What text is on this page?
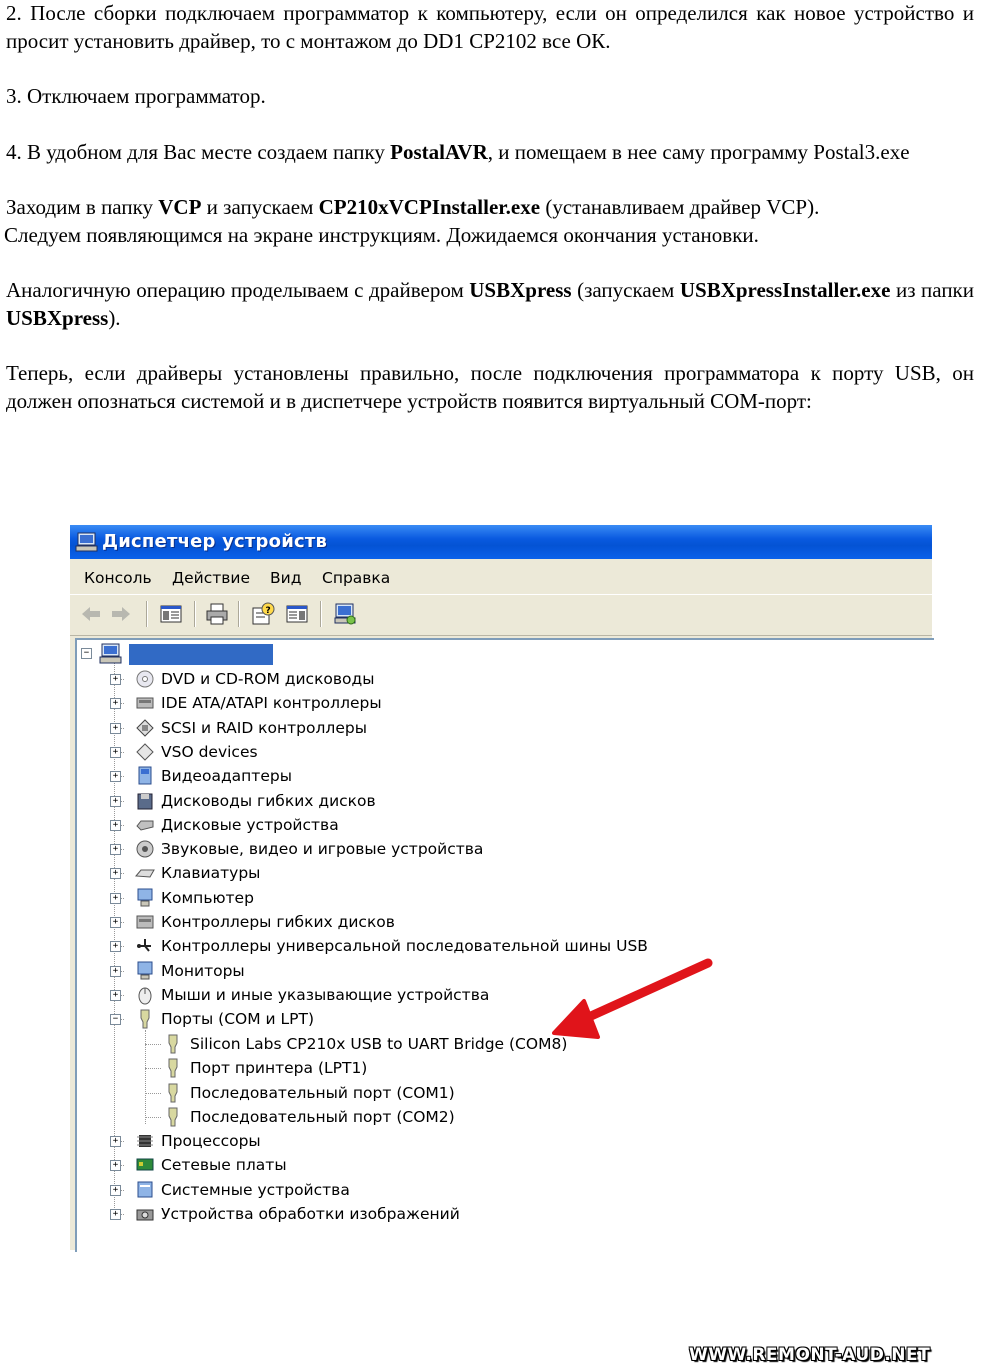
2. После сборки подключаем программатор к компьютеру, если он определился как новое устройство и просит установить драйвер, то с монтажом до DD1 CP2102 все ОК.

3. Отключаем программатор.

4. В удобном для Вас месте создаем папку PostalAVR, и помещаем в нее саму программу Postal3.exe

Заходим в папку VCP и запускаем CP210xVCPInstaller.exe (устанавливаем драйвер VCP).

Следуем появляющимся на экране инструкциям. Дожидаемся окончания установки.

Аналогичную операцию проделываем с драйвером USBXpress (запускаем USBXpressInstaller.exe из папки USBXpress).

Теперь, если драйверы установлены правильно, после подключения программатора к порту USB, он должен опознаться системой и в диспетчере устройств появится виртуальный COM-порт:

Диспетчер устройств
Консоль Действие Вид Справка
?
−
+	DVD и CD-ROM дисководы
+	IDE ATA/ATAPI контроллеры
+	SCSI и RAID контроллеры
+	VSO devices
+	Видеоадаптеры
+	Дисководы гибких дисков
+	Дисковые устройства
+	Звуковые, видео и игровые устройства
+	Клавиатуры
+	Компьютер
+	Контроллеры гибких дисков
+	Контроллеры универсальной последовательной шины USB
+	Мониторы
+	Мыши и иные указывающие устройства
−	Порты (COM и LPT)
Silicon Labs CP210x USB to UART Bridge (COM8)
Порт принтера (LPT1)
Последовательный порт (COM1)
Последовательный порт (COM2)
+	Процессоры
+	Сетевые платы
+	Системные устройства
+	Устройства обработки изображений
WWW.REMONT-AUD.NET
